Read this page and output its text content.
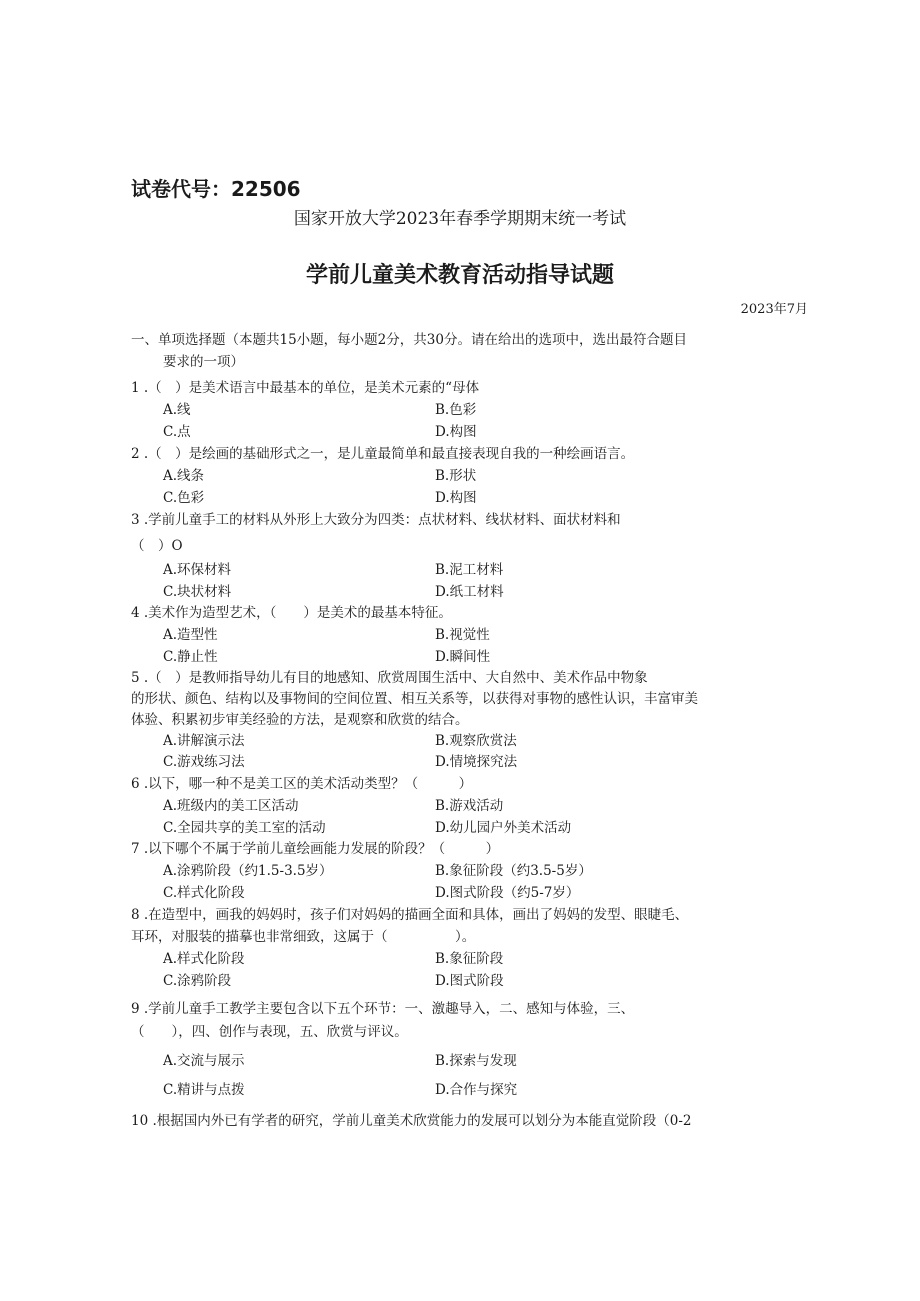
试卷代号：22506
国家开放大学2023年春季学期期末统一考试
学前儿童美术教育活动指导试题
2023年7月
一、单项选择题（本题共15小题，每小题2分，共30分。请在给出的选项中，选出最符合题目
要求的一项）
1 .（　）是美术语言中最基本的单位，是美术元素的“母体
A.线	B.色彩
C.点	D.构图
2 .（　）是绘画的基础形式之一，是儿童最简单和最直接表现自我的一种绘画语言。
A.线条	B.形状
C.色彩	D.构图
3 .学前儿童手工的材料从外形上大致分为四类：点状材料、线状材料、面状材料和
（　）O
A.环保材料	B.泥工材料
C.块状材料	D.纸工材料
4 .美术作为造型艺术，（　　）是美术的最基本特征。
A.造型性	B.视觉性
C.静止性	D.瞬间性
5 .（　）是教师指导幼儿有目的地感知、欣赏周围生活中、大自然中、美术作品中物象
的形状、颜色、结构以及事物间的空间位置、相互关系等，以获得对事物的感性认识，丰富审美
体验、积累初步审美经验的方法，是观察和欣赏的结合。
A.讲解演示法	B.观察欣赏法
C.游戏练习法	D.情境探究法
6 .以下，哪一种不是美工区的美术活动类型？（　　　）
A.班级内的美工区活动	B.游戏活动
C.全园共享的美工室的活动	D.幼儿园户外美术活动
7 .以下哪个不属于学前儿童绘画能力发展的阶段？（　　　）
A.涂鸦阶段（约1.5-3.5岁）	B.象征阶段（约3.5-5岁）
C.样式化阶段	D.图式阶段（约5-7岁）
8 .在造型中，画我的妈妈时，孩子们对妈妈的描画全面和具体，画出了妈妈的发型、眼睫毛、
耳环，对服装的描摹也非常细致，这属于（　　　　　）。
A.样式化阶段	B.象征阶段
C.涂鸦阶段	D.图式阶段
9 .学前儿童手工教学主要包含以下五个环节：一、激趣导入，二、感知与体验，三、
（　　），四、创作与表现，五、欣赏与评议。
A.交流与展示	B.探索与发现
C.精讲与点拨	D.合作与探究
10 .根据国内外已有学者的研究，学前儿童美术欣赏能力的发展可以划分为本能直觉阶段（0-2
